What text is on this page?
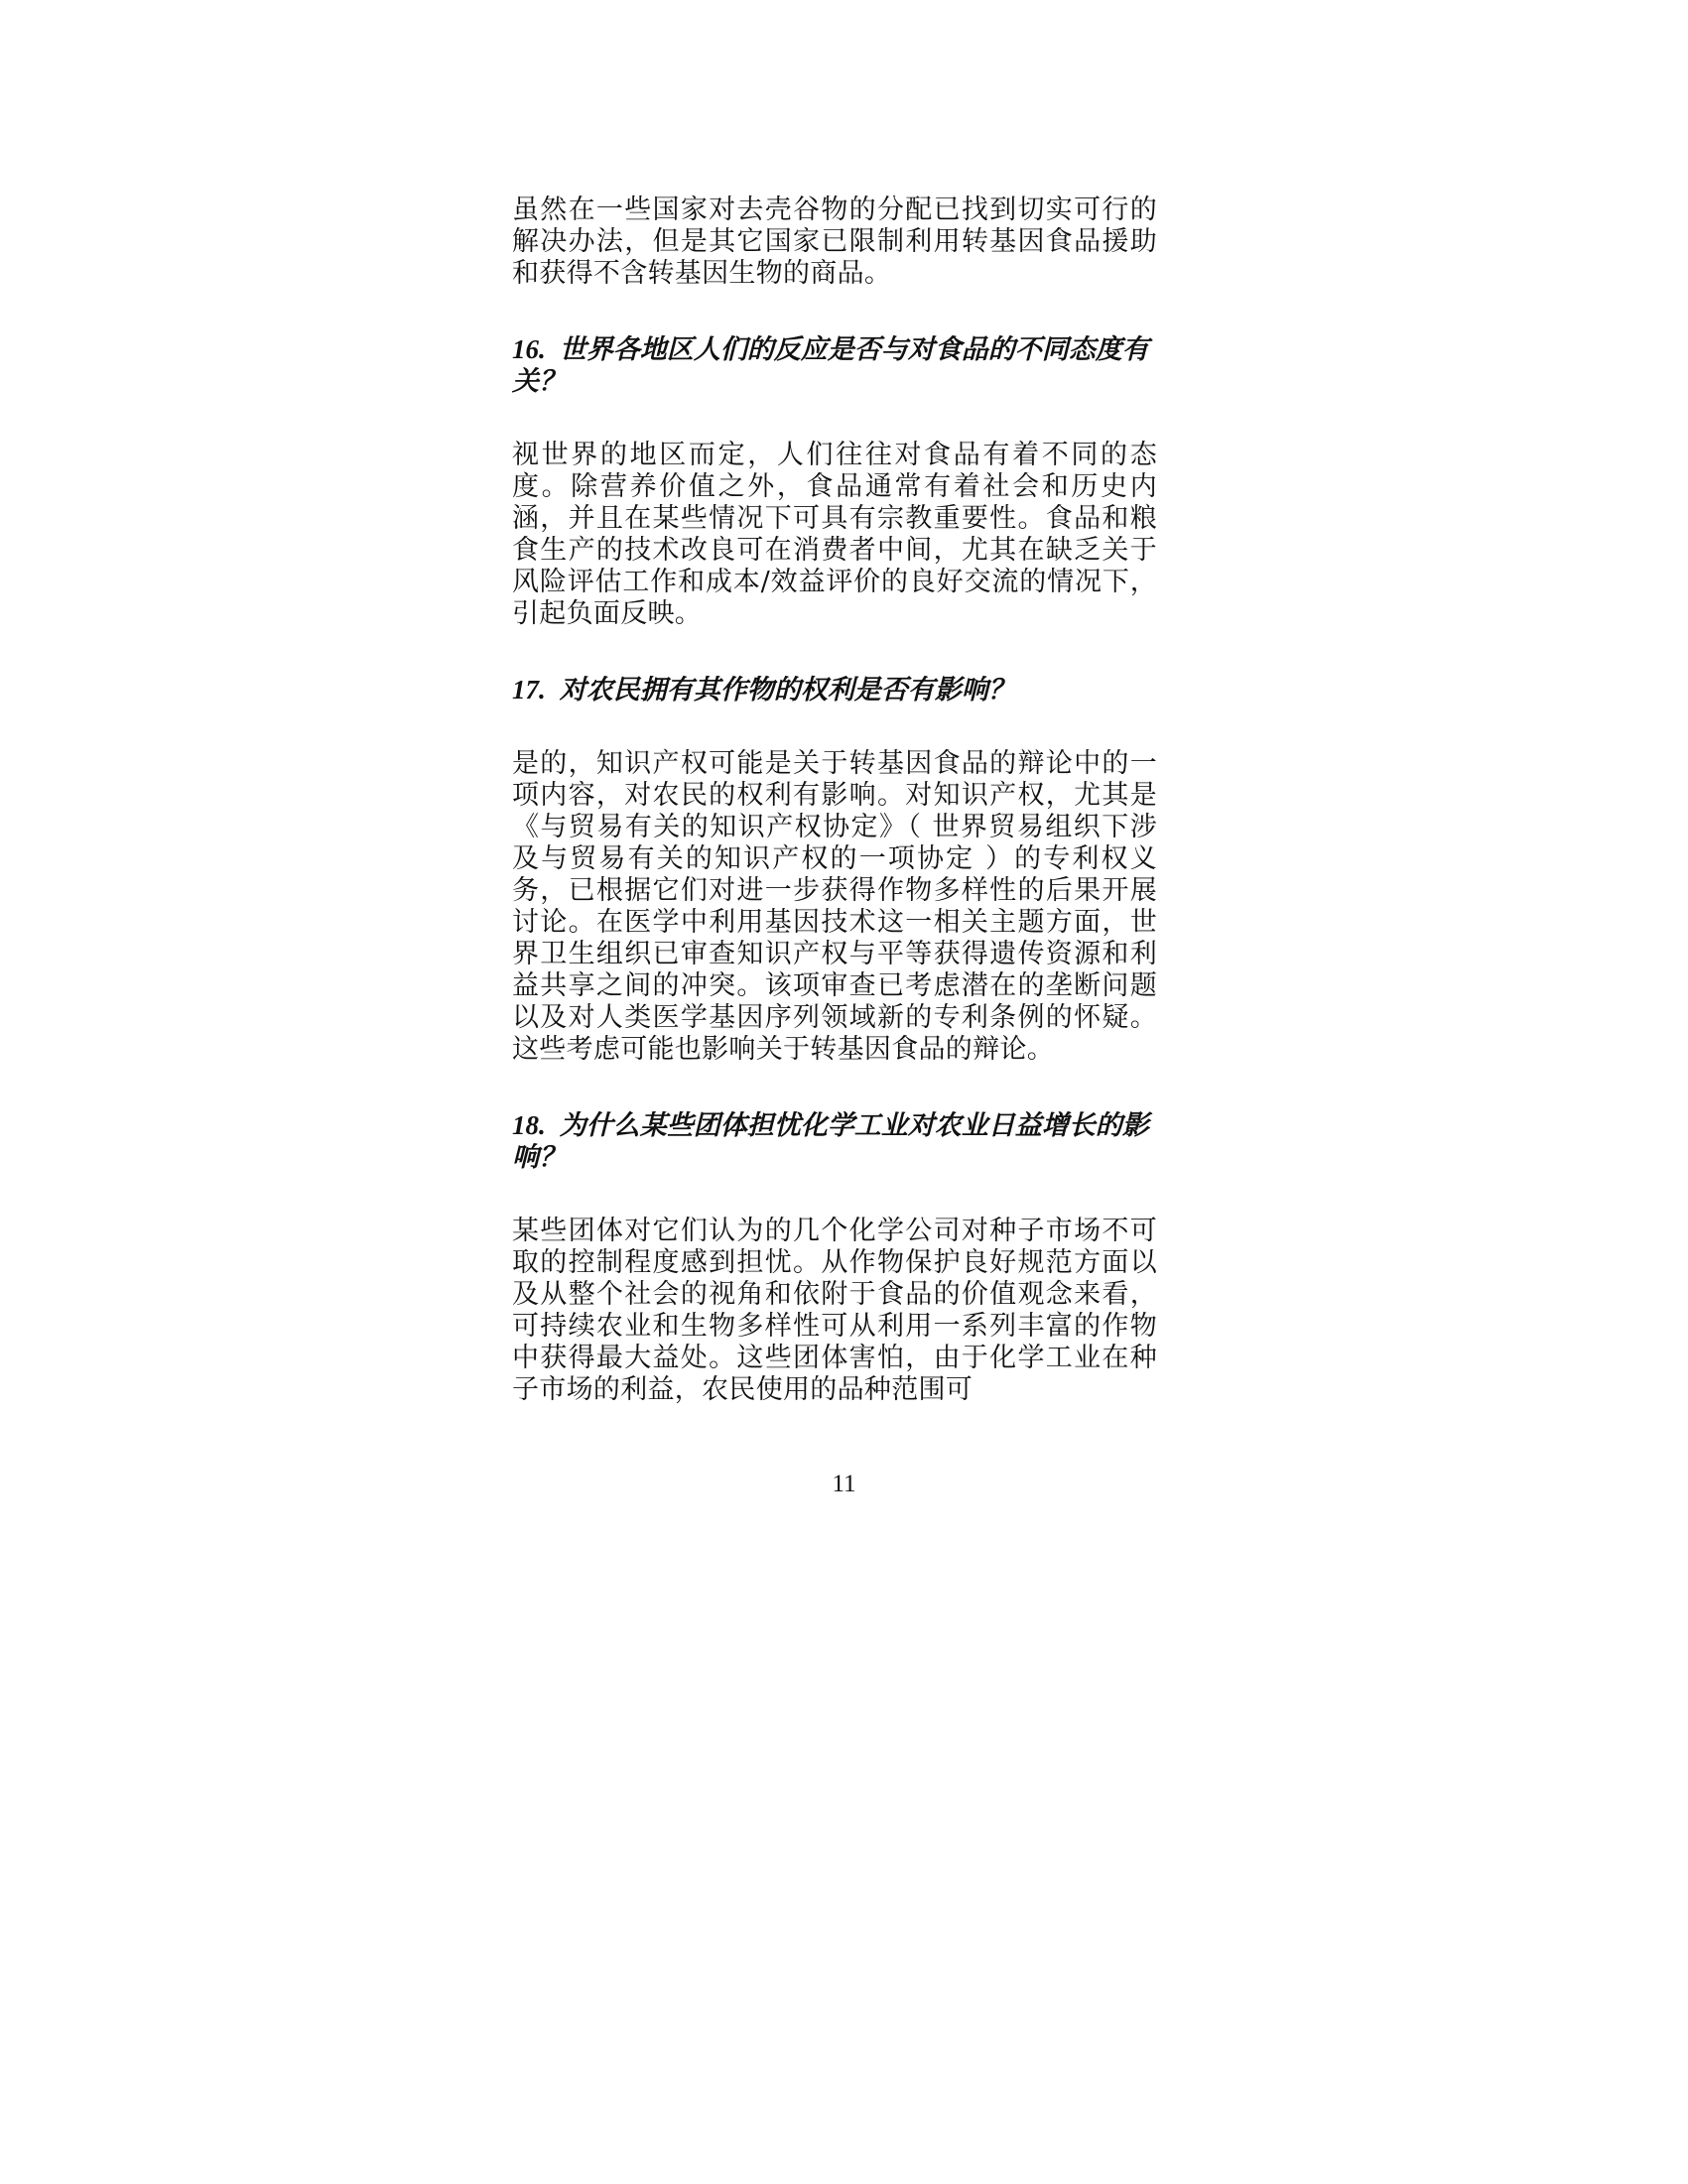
虽然在一些国家对去壳谷物的分配已找到切实可行的解决办法，但是其它国家已限制利用转基因食品援助和获得不含转基因生物的商品。

16. 世界各地区人们的反应是否与对食品的不同态度有关？

视世界的地区而定，人们往往对食品有着不同的态度。除营养价值之外，食品通常有着社会和历史内涵，并且在某些情况下可具有宗教重要性。食品和粮食生产的技术改良可在消费者中间，尤其在缺乏关于风险评估工作和成本/效益评价的良好交流的情况下，引起负面反映。

17. 对农民拥有其作物的权利是否有影响？

是的，知识产权可能是关于转基因食品的辩论中的一项内容，对农民的权利有影响。对知识产权，尤其是《与贸易有关的知识产权协定》（ 世界贸易组织下涉及与贸易有关的知识产权的一项协定 ）的专利权义务，已根据它们对进一步获得作物多样性的后果开展讨论。在医学中利用基因技术这一相关主题方面，世界卫生组织已审查知识产权与平等获得遗传资源和利益共享之间的冲突。该项审查已考虑潜在的垄断问题以及对人类医学基因序列领域新的专利条例的怀疑。这些考虑可能也影响关于转基因食品的辩论。

18. 为什么某些团体担忧化学工业对农业日益增长的影响？

某些团体对它们认为的几个化学公司对种子市场不可取的控制程度感到担忧。从作物保护良好规范方面以及从整个社会的视角和依附于食品的价值观念来看，可持续农业和生物多样性可从利用一系列丰富的作物中获得最大益处。这些团体害怕，由于化学工业在种子市场的利益，农民使用的品种范围可

11
